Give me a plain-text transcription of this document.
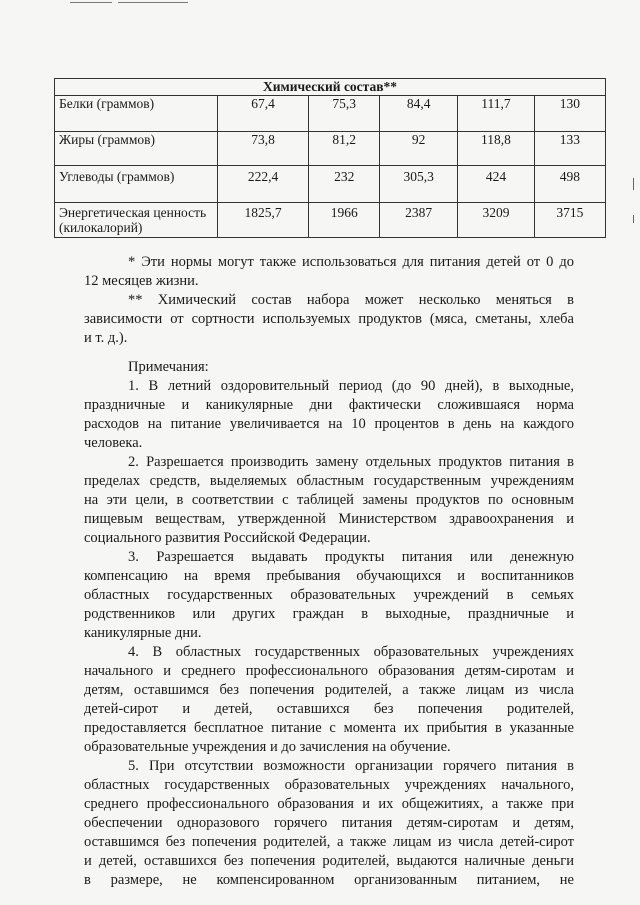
Химический состав**					
Белки (граммов)	67,4	75,3	84,4	111,7	130
Жиры (граммов)	73,8	81,2	92	118,8	133
Углеводы (граммов)	222,4	232	305,3	424	498
Энергетическая ценность (килокалорий)	1825,7	1966	2387	3209	3715

* Эти нормы могут также использоваться для питания детей от 0 до

12 месяцев жизни.

** Химический состав набора может несколько меняться в

зависимости от сортности используемых продуктов (мяса, сметаны, хлеба

и т. д.).

Примечания:

1. В летний оздоровительный период (до 90 дней), в выходные,

праздничные и каникулярные дни фактически сложившаяся норма

расходов на питание увеличивается на 10 процентов в день на каждого

человека.

2. Разрешается производить замену отдельных продуктов питания в

пределах средств, выделяемых областным государственным учреждениям

на эти цели, в соответствии с таблицей замены продуктов по основным

пищевым веществам, утвержденной Министерством здравоохранения и

социального развития Российской Федерации.

3. Разрешается выдавать продукты питания или денежную

компенсацию на время пребывания обучающихся и воспитанников

областных государственных образовательных учреждений в семьях

родственников или других граждан в выходные, праздничные и

каникулярные дни.

4. В областных государственных образовательных учреждениях

начального и среднего профессионального образования детям-сиротам и

детям, оставшимся без попечения родителей, а также лицам из числа

детей-сирот и детей, оставшихся без попечения родителей,

предоставляется бесплатное питание с момента их прибытия в указанные

образовательные учреждения и до зачисления на обучение.

5. При отсутствии возможности организации горячего питания в

областных государственных образовательных учреждениях начального,

среднего профессионального образования и их общежитиях, а также при

обеспечении одноразового горячего питания детям-сиротам и детям,

оставшимся без попечения родителей, а также лицам из числа детей-сирот

и детей, оставшихся без попечения родителей, выдаются наличные деньги

в размере, не компенсированном организованным питанием, не
